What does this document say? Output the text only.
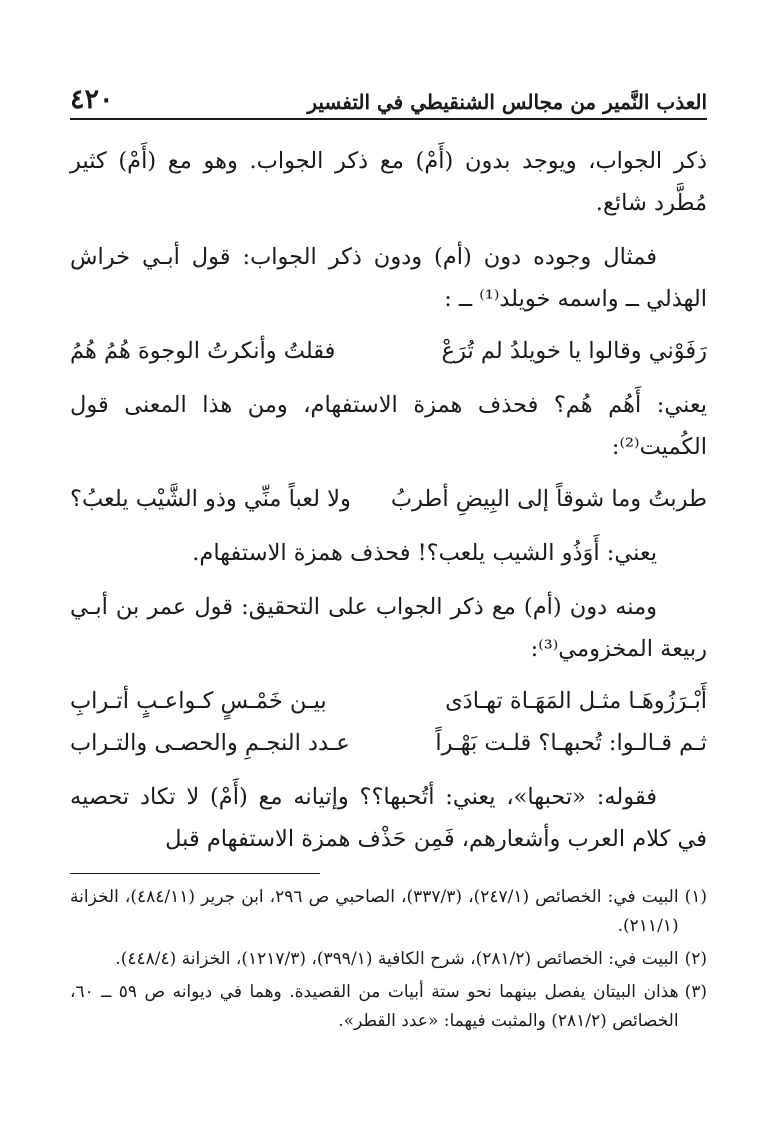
العذب النَّمير من مجالس الشنقيطي في التفسير
٤٢٠

ذكر الجواب، ويوجد بدون (أَمْ) مع ذكر الجواب. وهو مع (أَمْ) كثير مُطَّرد شائع.

فمثال وجوده دون (أم) ودون ذكر الجواب: قول أبـي خراش الهذلي ــ واسمه خويلد⁽¹⁾ ــ :

رَفَوْني وقالوا يا خويلدُ لم تُرَعْ
فقلتُ وأنكرتُ الوجوهَ هُمُ هُمُ

يعني: أَهُم هُم؟ فحذف همزة الاستفهام، ومن هذا المعنى قول الكُميت⁽²⁾:

طربتُ وما شوقاً إلى البِيضِ أطربُ
ولا لعباً منِّي وذو الشَّيْب يلعبُ؟

يعني: أَوَذُو الشيب يلعب؟! فحذف همزة الاستفهام.

ومنه دون (أم) مع ذكر الجواب على التحقيق: قول عمر بن أبـي ربيعة المخزومي⁽³⁾:

أَبْـرَزُوهَـا مثـل المَهَـاة تهـادَى
بيـن خَمْـسٍ كـواعـبٍ أتـرابِ
ثـم قـالـوا: تُحبهـا؟ قلـت بَهْـراً
عـدد النجـمِ والحصـى والتـراب

فقوله: «تحبها»، يعني: أتُحبها؟؟ وإتيانه مع (أَمْ) لا تكاد تحصيه في كلام العرب وأشعارهم، فَمِن حَذْف همزة الاستفهام قبل

(١)
البيت في: الخصائص (٢٤٧/١)، (٣٣٧/٣)، الصاحبي ص ٢٩٦، ابن جرير (٤٨٤/١١)، الخزانة (٢١١/١).
(٢)
البيت في: الخصائص (٢٨١/٢)، شرح الكافية (٣٩٩/١)، (١٢١٧/٣)، الخزانة (٤٤٨/٤).
(٣)
هذان البيتان يفصل بينهما نحو ستة أبيات من القصيدة. وهما في ديوانه ص ٥٩ ــ ٦٠، الخصائص (٢٨١/٢) والمثبت فيهما: «عدد القطر».
